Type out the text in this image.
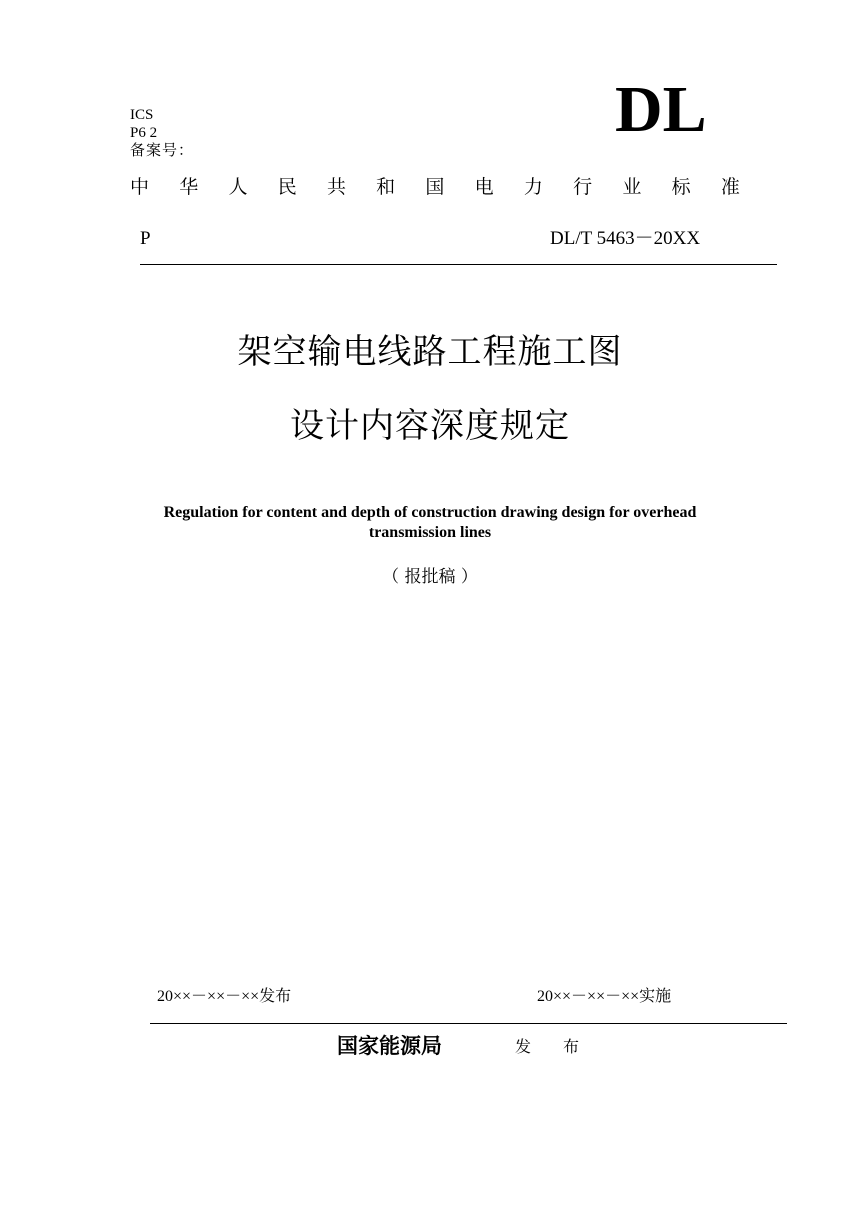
ICS
P6 2
备案号：
DL
中 华 人 民 共 和 国 电 力 行 业 标 准
P	DL/T 5463－20XX
架空输电线路工程施工图
设计内容深度规定
Regulation for content and depth of construction drawing design for overhead
transmission lines
（ 报批稿 ）
20××－××－××发布	20××－××－××实施
国家能源局	发 布
